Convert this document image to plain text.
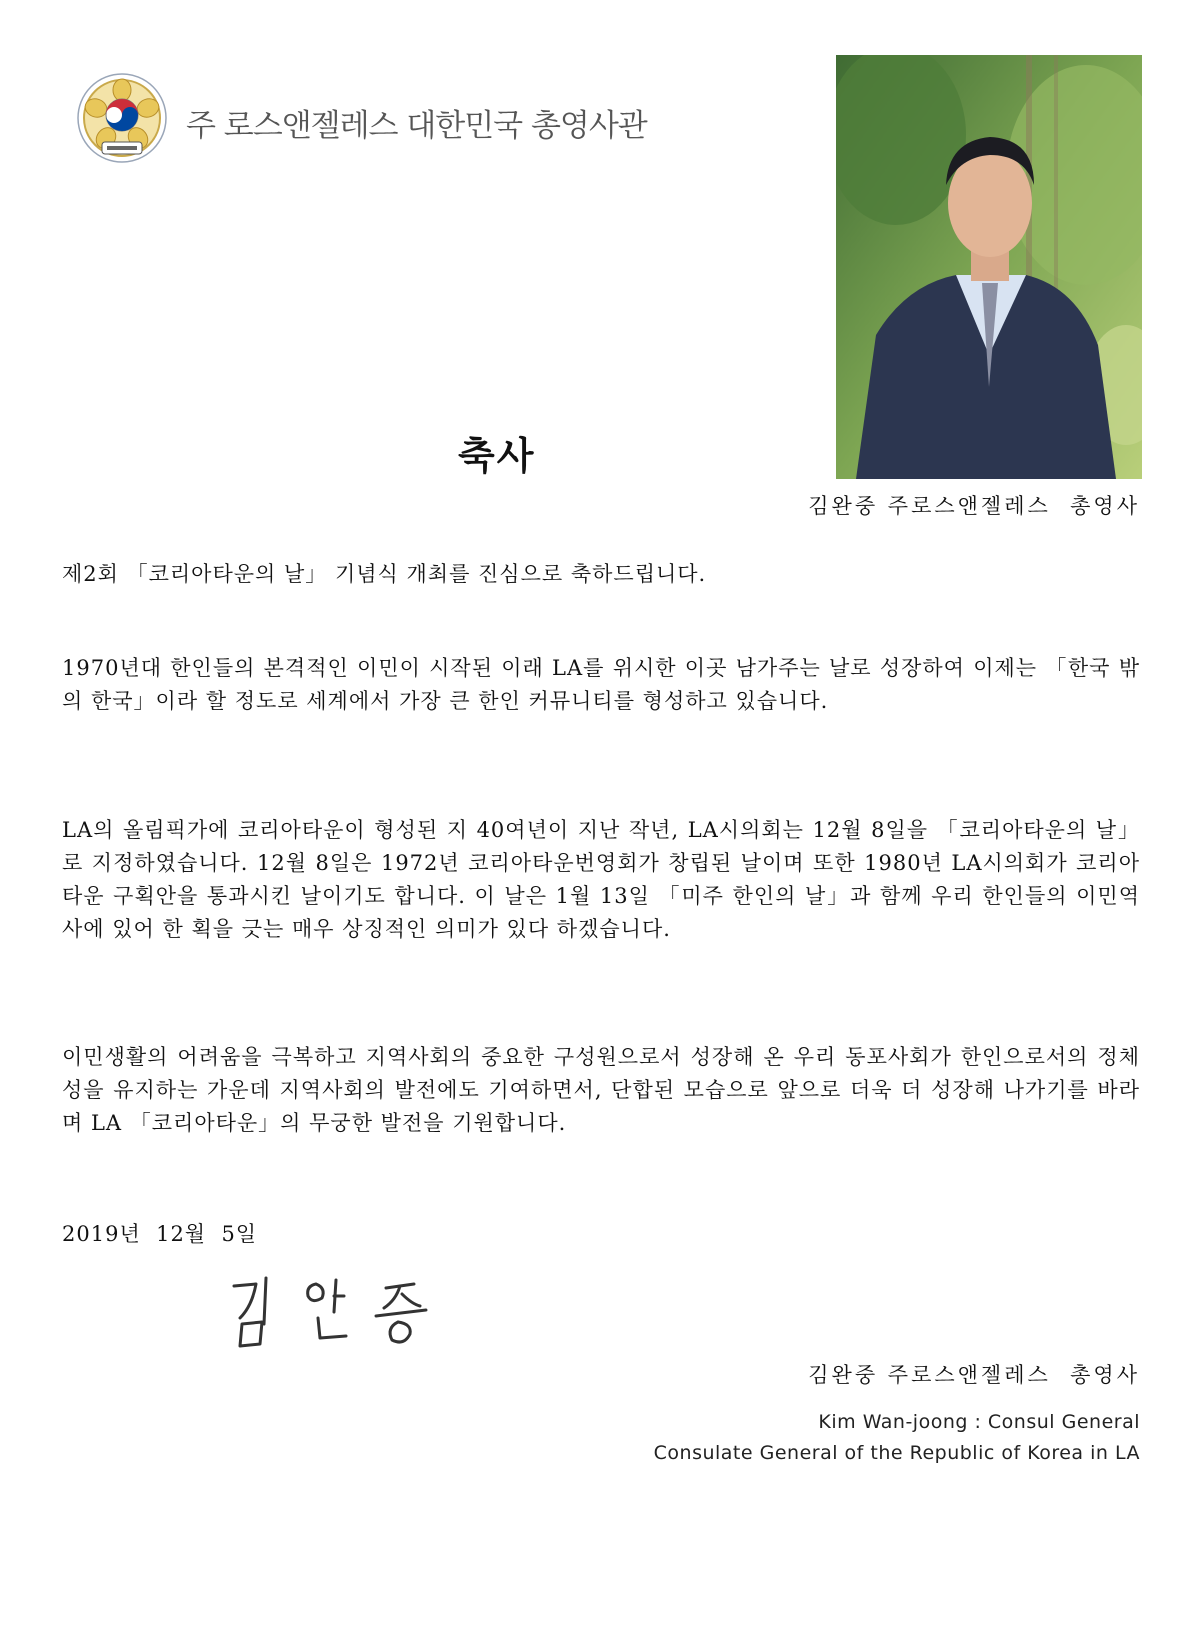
주 로스앤젤레스 대한민국 총영사관
축사
김완중 주로스앤젤레스  총영사
제2회 「코리아타운의 날」 기념식 개최를 진심으로 축하드립니다.
1970년대 한인들의 본격적인 이민이 시작된 이래 LA를 위시한 이곳 남가주는 날로 성장하여 이제는 「한국 밖의 한국」이라 할 정도로 세계에서 가장 큰 한인 커뮤니티를 형성하고 있습니다.
LA의 올림픽가에 코리아타운이 형성된 지 40여년이 지난 작년, LA시의회는 12월 8일을 「코리아타운의 날」로 지정하였습니다. 12월 8일은 1972년 코리아타운번영회가 창립된 날이며 또한 1980년 LA시의회가 코리아타운 구획안을 통과시킨 날이기도 합니다. 이 날은 1월 13일 「미주 한인의 날」과 함께 우리 한인들의 이민역사에 있어 한 획을 긋는 매우 상징적인 의미가 있다 하겠습니다.
이민생활의 어려움을 극복하고 지역사회의 중요한 구성원으로서 성장해 온 우리 동포사회가 한인으로서의 정체성을 유지하는 가운데 지역사회의 발전에도 기여하면서, 단합된 모습으로 앞으로 더욱 더 성장해 나가기를 바라며 LA 「코리아타운」의 무궁한 발전을 기원합니다.
2019년  12월  5일
김완중 주로스앤젤레스  총영사
Kim Wan-joong : Consul General
Consulate General of the Republic of Korea in LA
